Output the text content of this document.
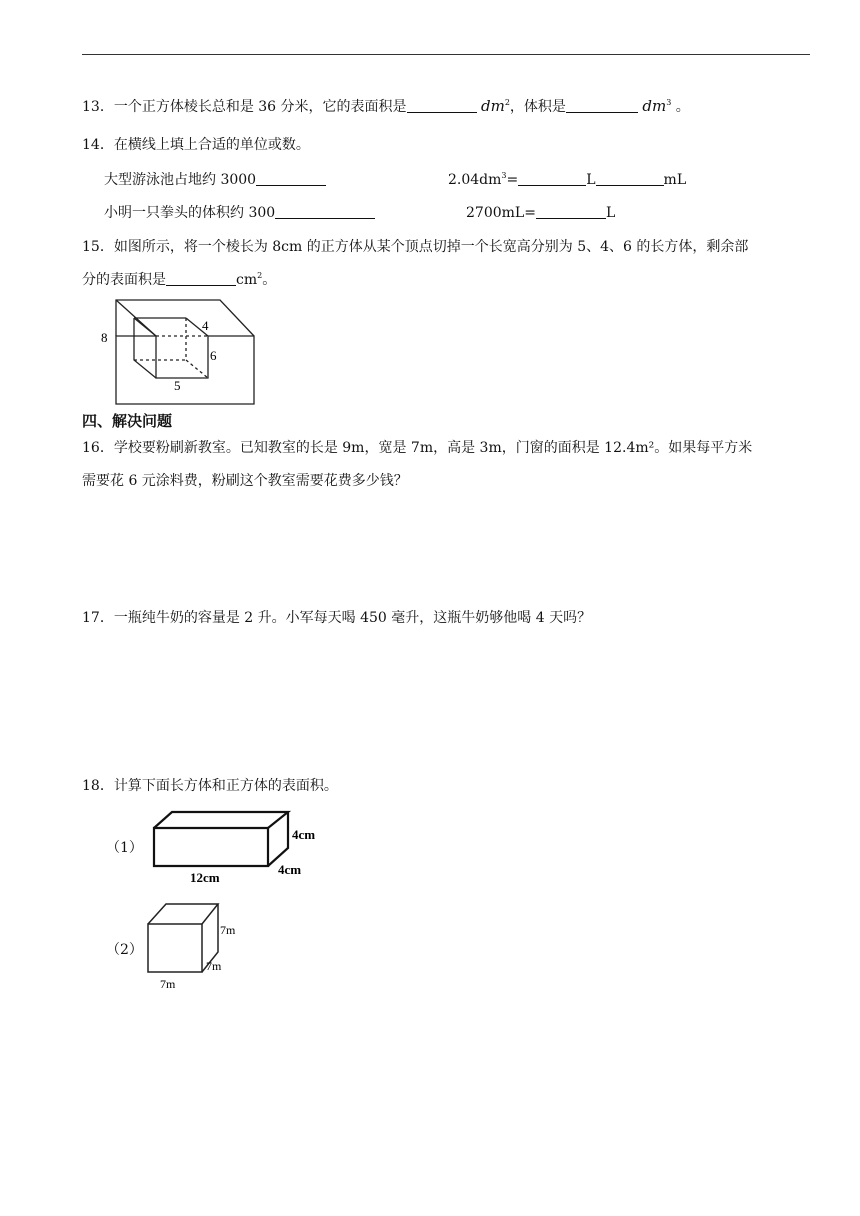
13．一个正方体棱长总和是 36 分米，它的表面积是	$dm^2$，体积是	$dm^3$ 。
14．在横线上填上合适的单位或数。
大型游泳池占地约 3000	$2.04dm^3=$	L	mL
小明一只拳头的体积约 300	2700mL=	L
15．如图所示，将一个棱长为 8cm 的正方体从某个顶点切掉一个长宽高分别为 5、4、6 的长方体，剩余部
分的表面积是	$cm^2$。
8
4
6
5
四、解决问题
16．学校要粉刷新教室。已知教室的长是 9m，宽是 7m，高是 3m，门窗的面积是 12.4m²。如果每平方米
需要花 6 元涂料费，粉刷这个教室需要花费多少钱？
17．一瓶纯牛奶的容量是 2 升。小军每天喝 450 毫升，这瓶牛奶够他喝 4 天吗？
18．计算下面长方体和正方体的表面积。
（1）
4cm
4cm
12cm
（2）
7m
7m
7m
